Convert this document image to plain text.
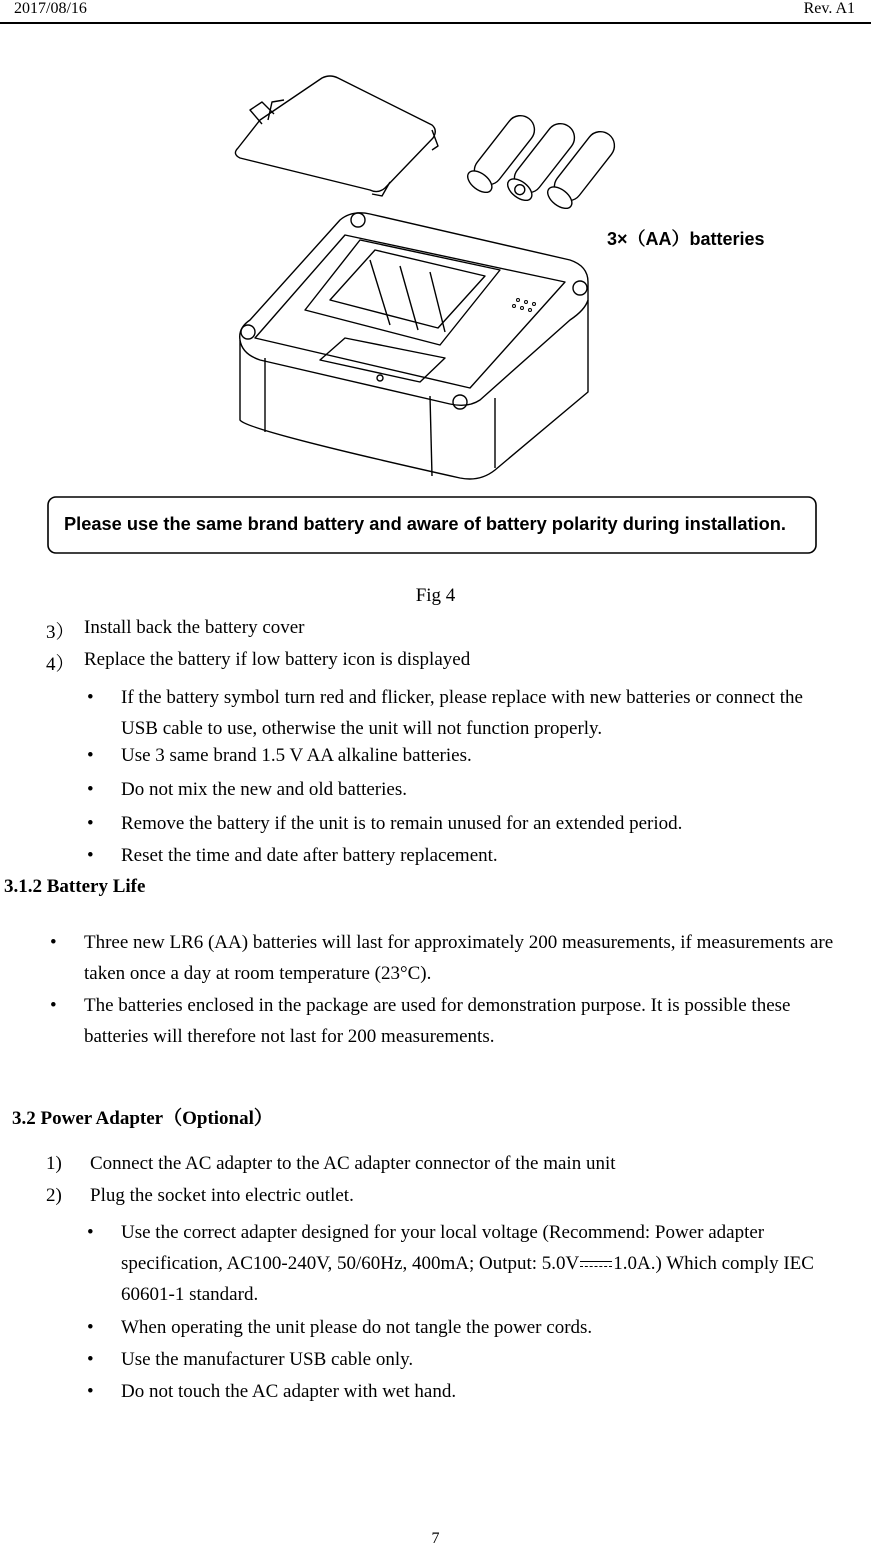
2017/08/16	Rev. A1
3×（AA）batteries
Please use the same brand battery and aware of battery polarity during installation.
Fig 4
3） Install back the battery cover
4） Replace the battery if low battery icon is displayed
• If the battery symbol turn red and flicker, please replace with new batteries or connect the USB cable to use, otherwise the unit will not function properly.
• Use 3 same brand 1.5 V AA alkaline batteries.
• Do not mix the new and old batteries.
• Remove the battery if the unit is to remain unused for an extended period.
• Reset the time and date after battery replacement.
3.1.2 Battery Life
• Three new LR6 (AA) batteries will last for approximately 200 measurements, if measurements are taken once a day at room temperature (23°C).
• The batteries enclosed in the package are used for demonstration purpose. It is possible these batteries will therefore not last for 200 measurements.
3.2 Power Adapter（Optional）
1) Connect the AC adapter to the AC adapter connector of the main unit
2) Plug the socket into electric outlet.
• Use the correct adapter designed for your local voltage (Recommend: Power adapter specification, AC100-240V, 50/60Hz, 400mA; Output: 5.0V 1.0A.) Which comply IEC 60601-1 standard.
• When operating the unit please do not tangle the power cords.
• Use the manufacturer USB cable only.
• Do not touch the AC adapter with wet hand.
7
